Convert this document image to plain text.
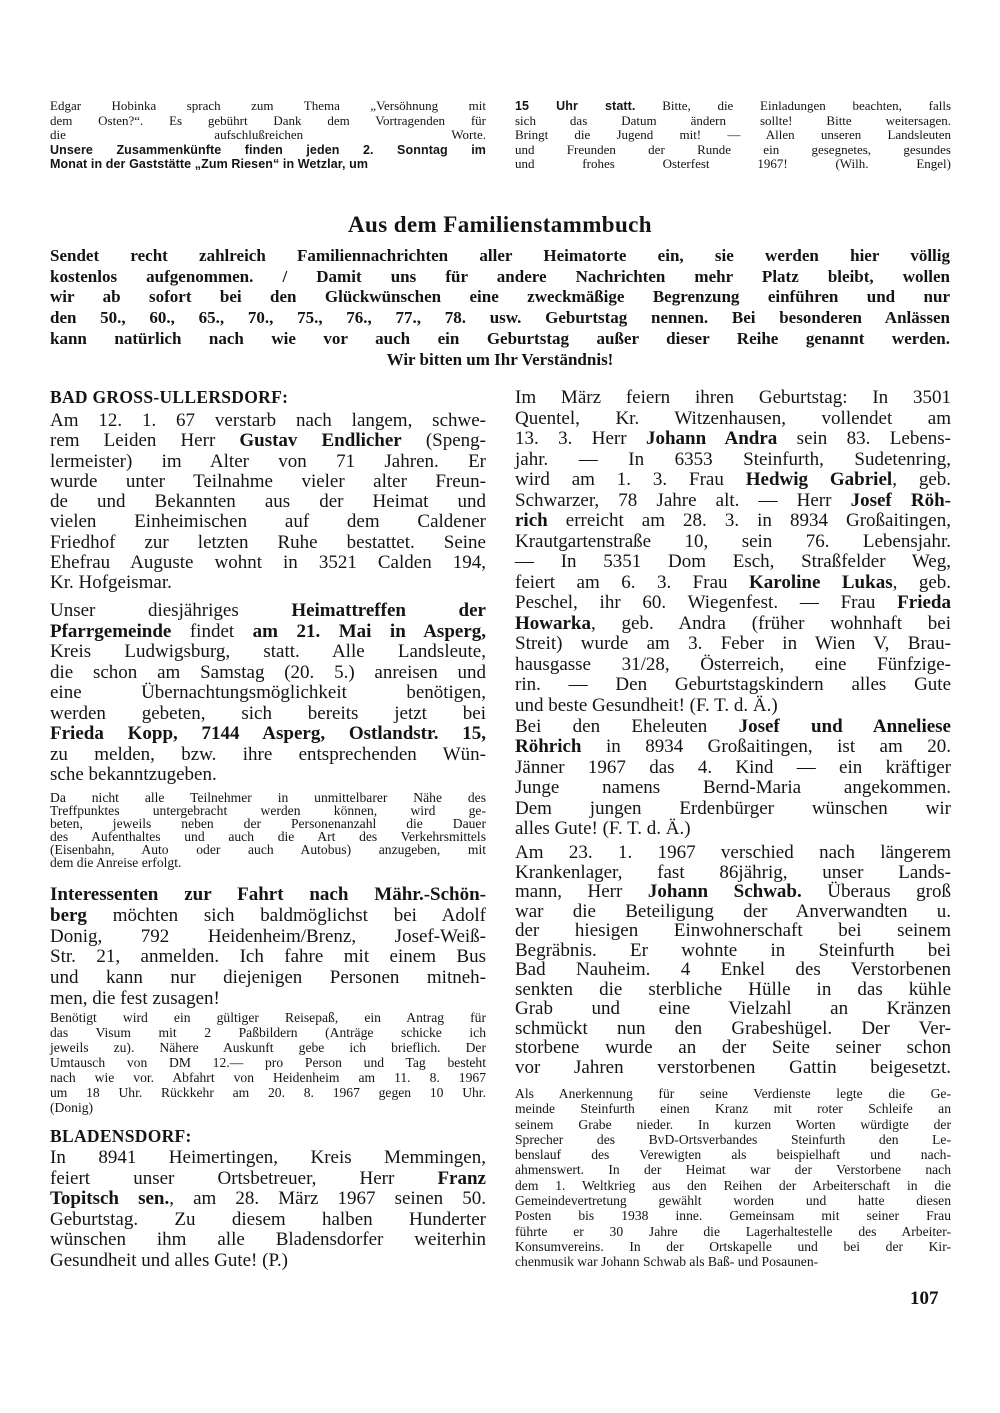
Edgar Hobinka sprach zum Thema „Versöhnung mit
dem Osten?“. Es gebührt Dank dem Vortragenden für
die aufschlußreichen Worte.
Unsere Zusammenkünfte finden jeden 2. Sonntag im
Monat in der Gaststätte „Zum Riesen“ in Wetzlar, um
15 Uhr statt. Bitte, die Einladungen beachten, falls
sich das Datum ändern sollte! Bitte weitersagen.
Bringt die Jugend mit! — Allen unseren Landsleuten
und Freunden der Runde ein gesegnetes, gesundes
und frohes Osterfest 1967! (Wilh. Engel)
Aus dem Familienstammbuch
Sendet recht zahlreich Familiennachrichten aller Heimatorte ein, sie werden hier völlig
kostenlos aufgenommen. / Damit uns für andere Nachrichten mehr Platz bleibt, wollen
wir ab sofort bei den Glückwünschen eine zweckmäßige Begrenzung einführen und nur
den 50., 60., 65., 70., 75., 76., 77., 78. usw. Geburtstag nennen. Bei besonderen Anlässen
kann natürlich nach wie vor auch ein Geburtstag außer dieser Reihe genannt werden.
Wir bitten um Ihr Verständnis!
BAD GROSS-ULLERSDORF:
Am 12. 1. 67 verstarb nach langem, schwe-
rem Leiden Herr Gustav Endlicher (Speng-
lermeister) im Alter von 71 Jahren. Er
wurde unter Teilnahme vieler alter Freun-
de und Bekannten aus der Heimat und
vielen Einheimischen auf dem Caldener
Friedhof zur letzten Ruhe bestattet. Seine
Ehefrau Auguste wohnt in 3521 Calden 194,
Kr. Hofgeismar.
Unser diesjähriges Heimattreffen der
Pfarrgemeinde findet am 21. Mai in Asperg,
Kreis Ludwigsburg, statt. Alle Landsleute,
die schon am Samstag (20. 5.) anreisen und
eine Übernachtungsmöglichkeit benötigen,
werden gebeten, sich bereits jetzt bei
Frieda Kopp, 7144 Asperg, Ostlandstr. 15,
zu melden, bzw. ihre entsprechenden Wün-
sche bekanntzugeben.
Da nicht alle Teilnehmer in unmittelbarer Nähe des
Treffpunktes untergebracht werden können, wird ge-
beten, jeweils neben der Personenanzahl die Dauer
des Aufenthaltes und auch die Art des Verkehrsmittels
(Eisenbahn, Auto oder auch Autobus) anzugeben, mit
dem die Anreise erfolgt.
Interessenten zur Fahrt nach Mähr.-Schön-
berg möchten sich baldmöglichst bei Adolf
Donig, 792 Heidenheim/Brenz, Josef-Weiß-
Str. 21, anmelden. Ich fahre mit einem Bus
und kann nur diejenigen Personen mitneh-
men, die fest zusagen!
Benötigt wird ein gültiger Reisepaß, ein Antrag für
das Visum mit 2 Paßbildern (Anträge schicke ich
jeweils zu). Nähere Auskunft gebe ich brieflich. Der
Umtausch von DM 12.— pro Person und Tag besteht
nach wie vor. Abfahrt von Heidenheim am 11. 8. 1967
um 18 Uhr. Rückkehr am 20. 8. 1967 gegen 10 Uhr.
(Donig)
BLADENSDORF:
In 8941 Heimertingen, Kreis Memmingen,
feiert unser Ortsbetreuer, Herr Franz
Topitsch sen., am 28. März 1967 seinen 50.
Geburtstag. Zu diesem halben Hunderter
wünschen ihm alle Bladensdorfer weiterhin
Gesundheit und alles Gute! (P.)
Im März feiern ihren Geburtstag: In 3501
Quentel, Kr. Witzenhausen, vollendet am
13. 3. Herr Johann Andra sein 83. Lebens-
jahr. — In 6353 Steinfurth, Sudetenring,
wird am 1. 3. Frau Hedwig Gabriel, geb.
Schwarzer, 78 Jahre alt. — Herr Josef Röh-
rich erreicht am 28. 3. in 8934 Großaitingen,
Krautgartenstraße 10, sein 76. Lebensjahr.
— In 5351 Dom Esch, Straßfelder Weg,
feiert am 6. 3. Frau Karoline Lukas, geb.
Peschel, ihr 60. Wiegenfest. — Frau Frieda
Howarka, geb. Andra (früher wohnhaft bei
Streit) wurde am 3. Feber in Wien V, Brau-
hausgasse 31/28, Österreich, eine Fünfzige-
rin. — Den Geburtstagskindern alles Gute
und beste Gesundheit! (F. T. d. Ä.)
Bei den Eheleuten Josef und Anneliese
Röhrich in 8934 Großaitingen, ist am 20.
Jänner 1967 das 4. Kind — ein kräftiger
Junge namens Bernd-Maria angekommen.
Dem jungen Erdenbürger wünschen wir
alles Gute! (F. T. d. Ä.)
Am 23. 1. 1967 verschied nach längerem
Krankenlager, fast 86jährig, unser Lands-
mann, Herr Johann Schwab. Überaus groß
war die Beteiligung der Anverwandten u.
der hiesigen Einwohnerschaft bei seinem
Begräbnis. Er wohnte in Steinfurth bei
Bad Nauheim. 4 Enkel des Verstorbenen
senkten die sterbliche Hülle in das kühle
Grab und eine Vielzahl an Kränzen
schmückt nun den Grabeshügel. Der Ver-
storbene wurde an der Seite seiner schon
vor Jahren verstorbenen Gattin beigesetzt.
Als Anerkennung für seine Verdienste legte die Ge-
meinde Steinfurth einen Kranz mit roter Schleife an
seinem Grabe nieder. In kurzen Worten würdigte der
Sprecher des BvD-Ortsverbandes Steinfurth den Le-
benslauf des Verewigten als beispielhaft und nach-
ahmenswert. In der Heimat war der Verstorbene nach
dem 1. Weltkrieg aus den Reihen der Arbeiterschaft in die
Gemeindevertretung gewählt worden und hatte diesen
Posten bis 1938 inne. Gemeinsam mit seiner Frau
führte er 30 Jahre die Lagerhaltestelle des Arbeiter-
Konsumvereins. In der Ortskapelle und bei der Kir-
chenmusik war Johann Schwab als Baß- und Posaunen-
107
